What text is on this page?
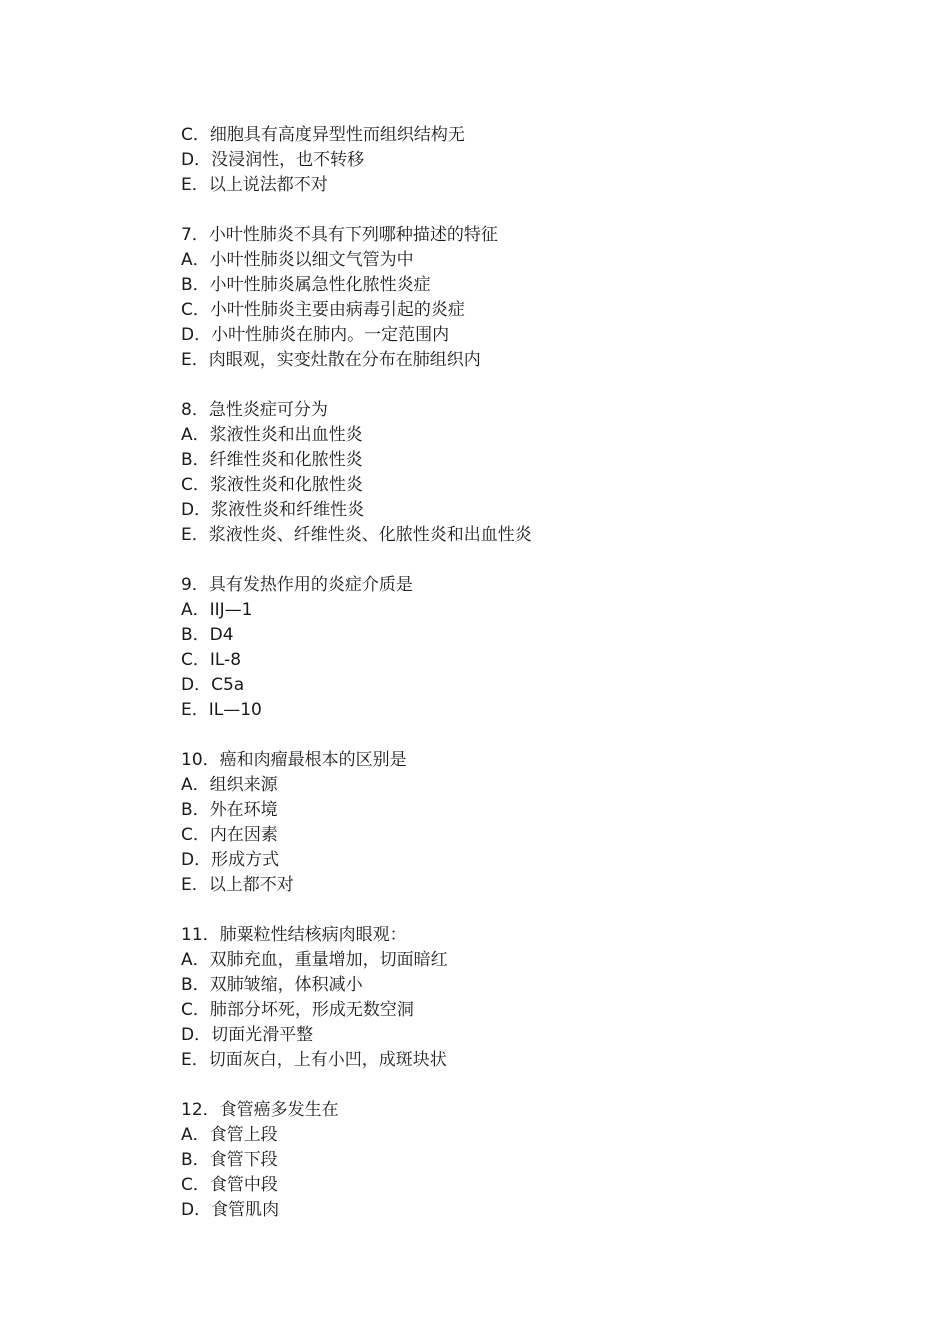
C．细胞具有高度异型性而组织结构无
D．没浸润性，也不转移
E．以上说法都不对
7．小叶性肺炎不具有下列哪种描述的特征
A．小叶性肺炎以细文气管为中
B．小叶性肺炎属急性化脓性炎症
C．小叶性肺炎主要由病毒引起的炎症
D．小叶性肺炎在肺内。一定范围内
E．肉眼观，实变灶散在分布在肺组织内
8．急性炎症可分为
A．浆液性炎和出血性炎
B．纤维性炎和化脓性炎
C．浆液性炎和化脓性炎
D．浆液性炎和纤维性炎
E．浆液性炎、纤维性炎、化脓性炎和出血性炎
9．具有发热作用的炎症介质是
A．IIJ—1
B．D4
C．IL-8
D．C5a
E．IL—10
10．癌和肉瘤最根本的区别是
A．组织来源
B．外在环境
C．内在因素
D．形成方式
E．以上都不对
11．肺粟粒性结核病肉眼观：
A．双肺充血，重量增加，切面暗红
B．双肺皱缩，体积减小
C．肺部分坏死，形成无数空洞
D．切面光滑平整
E．切面灰白，上有小凹，成斑块状
12．食管癌多发生在
A．食管上段
B．食管下段
C．食管中段
D．食管肌肉
